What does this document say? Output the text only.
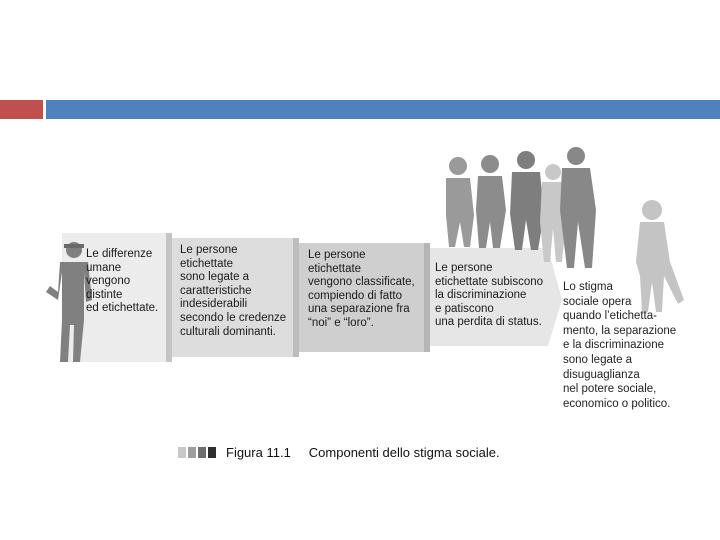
Le differenze
umane
vengono
distinte
ed etichettate.

Le persone
etichettate
sono legate a
caratteristiche
indesiderabili
secondo le credenze
culturali dominanti.

Le persone
etichettate
vengono classificate,
compiendo di fatto
una separazione fra
“noi” e “loro”.

Le persone
etichettate subiscono
la discriminazione
e patiscono
una perdita di status.

Lo stigma
sociale opera
quando l’etichetta-
mento, la separazione
e la discriminazione
sono legate a
disuguaglianza
nel potere sociale,
economico o politico.
Figura 11.1 Componenti dello stigma sociale.
